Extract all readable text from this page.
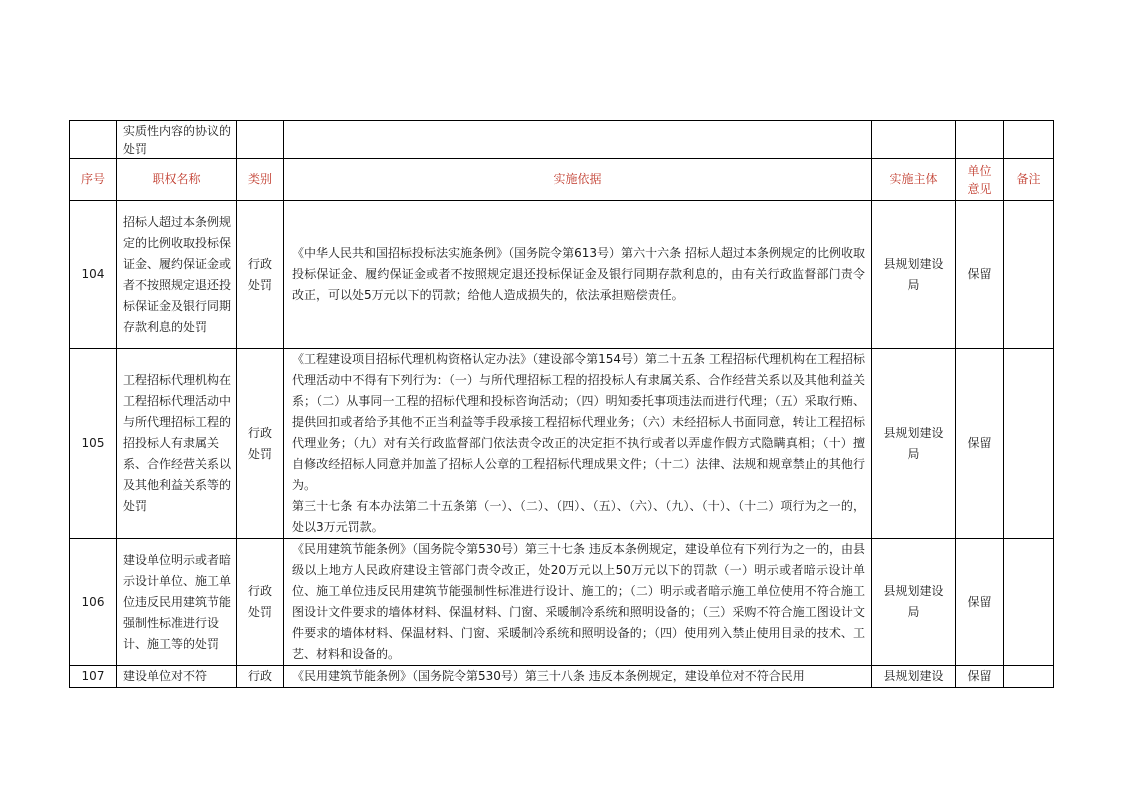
	实质性内容的协议的处罚					
序号	职权名称	类别	实施依据	实施主体	单位意见	备注
104	招标人超过本条例规定的比例收取投标保证金、履约保证金或者不按照规定退还投标保证金及银行同期存款利息的处罚	行政处罚	《中华人民共和国招标投标法实施条例》（国务院令第613号）第六十六条 招标人超过本条例规定的比例收取投标保证金、履约保证金或者不按照规定退还投标保证金及银行同期存款利息的，由有关行政监督部门责令改正，可以处5万元以下的罚款；给他人造成损失的，依法承担赔偿责任。	县规划建设局	保留	
105	工程招标代理机构在工程招标代理活动中与所代理招标工程的招投标人有隶属关系、合作经营关系以及其他利益关系等的处罚	行政处罚	《工程建设项目招标代理机构资格认定办法》（建设部令第154号）第二十五条 工程招标代理机构在工程招标代理活动中不得有下列行为：（一）与所代理招标工程的招投标人有隶属关系、合作经营关系以及其他利益关系；（二）从事同一工程的招标代理和投标咨询活动；（四）明知委托事项违法而进行代理；（五）采取行贿、提供回扣或者给予其他不正当利益等手段承接工程招标代理业务；（六）未经招标人书面同意，转让工程招标代理业务；（九）对有关行政监督部门依法责令改正的决定拒不执行或者以弄虚作假方式隐瞒真相；（十）擅自修改经招标人同意并加盖了招标人公章的工程招标代理成果文件；（十二）法律、法规和规章禁止的其他行为。
第三十七条 有本办法第二十五条第（一）、（二）、（四）、（五）、（六）、（九）、（十）、（十二）项行为之一的，处以3万元罚款。	县规划建设局	保留	
106	建设单位明示或者暗示设计单位、施工单位违反民用建筑节能强制性标准进行设计、施工等的处罚	行政处罚	《民用建筑节能条例》（国务院令第530号）第三十七条 违反本条例规定，建设单位有下列行为之一的，由县级以上地方人民政府建设主管部门责令改正，处20万元以上50万元以下的罚款（一）明示或者暗示设计单位、施工单位违反民用建筑节能强制性标准进行设计、施工的；（二）明示或者暗示施工单位使用不符合施工图设计文件要求的墙体材料、保温材料、门窗、采暖制冷系统和照明设备的；（三）采购不符合施工图设计文件要求的墙体材料、保温材料、门窗、采暖制冷系统和照明设备的；（四）使用列入禁止使用目录的技术、工艺、材料和设备的。	县规划建设局	保留	
107	建设单位对不符	行政	《民用建筑节能条例》（国务院令第530号）第三十八条 违反本条例规定，建设单位对不符合民用	县规划建设	保留	
